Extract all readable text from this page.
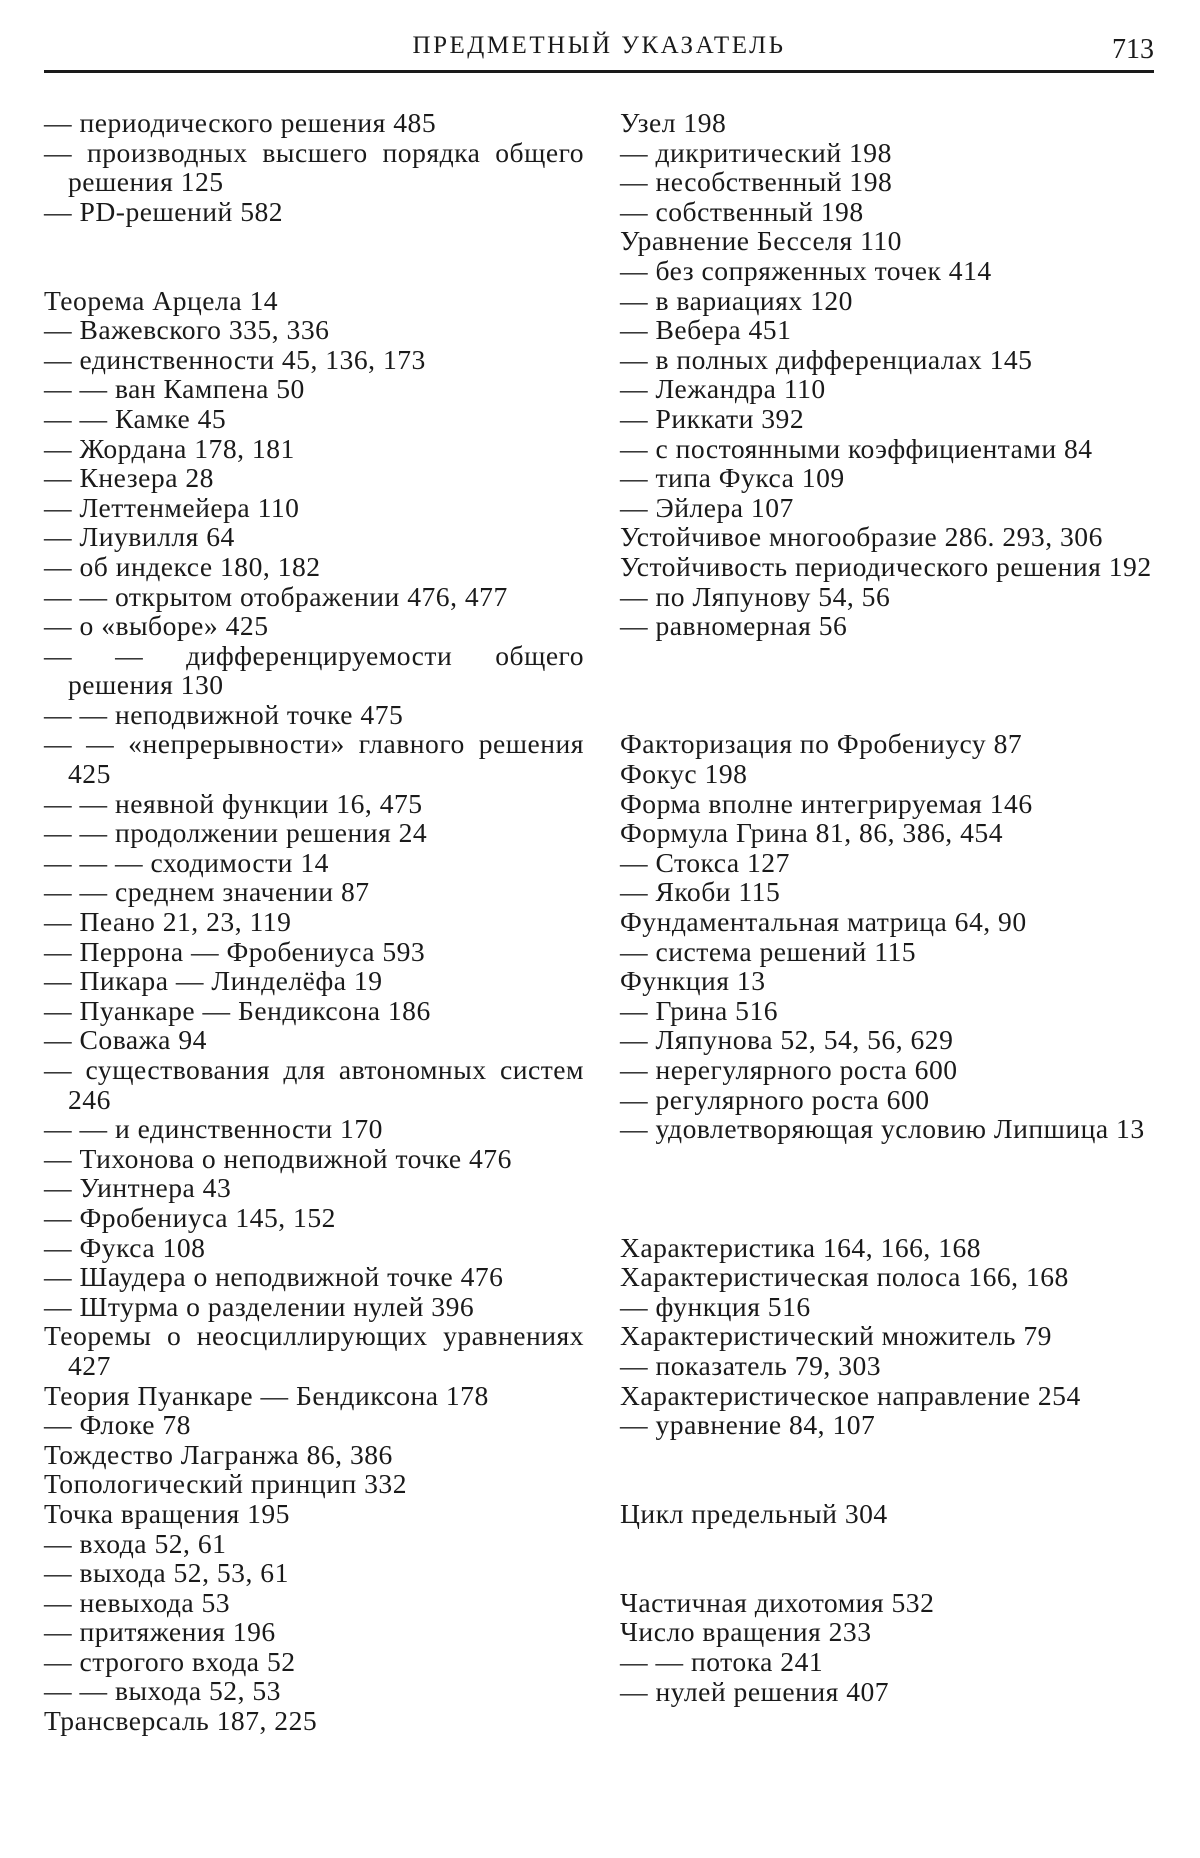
ПРЕДМЕТНЫЙ УКАЗАТЕЛЬ	713
— периодического решения 485
— производных высшего порядка общего решения 125
— PD-решений 582
Теорема Арцела 14
— Важевского 335, 336
— единственности 45, 136, 173
— — ван Кампена 50
— — Камке 45
— Жордана 178, 181
— Кнезера 28
— Леттенмейера 110
— Лиувилля 64
— об индексе 180, 182
— — открытом отображении 476, 477
— о «выборе» 425
— — дифференцируемости общего решения 130
— — неподвижной точке 475
— — «непрерывности» главного решения 425
— — неявной функции 16, 475
— — продолжении решения 24
— — — сходимости 14
— — среднем значении 87
— Пеано 21, 23, 119
— Перрона — Фробениуса 593
— Пикара — Линделёфа 19
— Пуанкаре — Бендиксона 186
— Соважа 94
— существования для автономных систем 246
— — и единственности 170
— Тихонова о неподвижной точке 476
— Уинтнера 43
— Фробениуса 145, 152
— Фукса 108
— Шаудера о неподвижной точке 476
— Штурма о разделении нулей 396
Теоремы о неосциллирующих уравнениях 427
Теория Пуанкаре — Бендиксона 178
— Флоке 78
Тождество Лагранжа 86, 386
Топологический принцип 332
Точка вращения 195
— входа 52, 61
— выхода 52, 53, 61
— невыхода 53
— притяжения 196
— строгого входа 52
— — выхода 52, 53
Трансверсаль 187, 225
Узел 198
— дикритический 198
— несобственный 198
— собственный 198
Уравнение Бесселя 110
— без сопряженных точек 414
— в вариациях 120
— Вебера 451
— в полных дифференциалах 145
— Лежандра 110
— Риккати 392
— с постоянными коэффициентами 84
— типа Фукса 109
— Эйлера 107
Устойчивое многообразие 286. 293, 306
Устойчивость периодического решения 192
— по Ляпунову 54, 56
— равномерная 56
Факторизация по Фробениусу 87
Фокус 198
Форма вполне интегрируемая 146
Формула Грина 81, 86, 386, 454
— Стокса 127
— Якоби 115
Фундаментальная матрица 64, 90
— система решений 115
Функция 13
— Грина 516
— Ляпунова 52, 54, 56, 629
— нерегулярного роста 600
— регулярного роста 600
— удовлетворяющая условию Липшица 13
Характеристика 164, 166, 168
Характеристическая полоса 166, 168
— функция 516
Характеристический множитель 79
— показатель 79, 303
Характеристическое направление 254
— уравнение 84, 107
Цикл предельный 304
Частичная дихотомия 532
Число вращения 233
— — потока 241
— нулей решения 407
